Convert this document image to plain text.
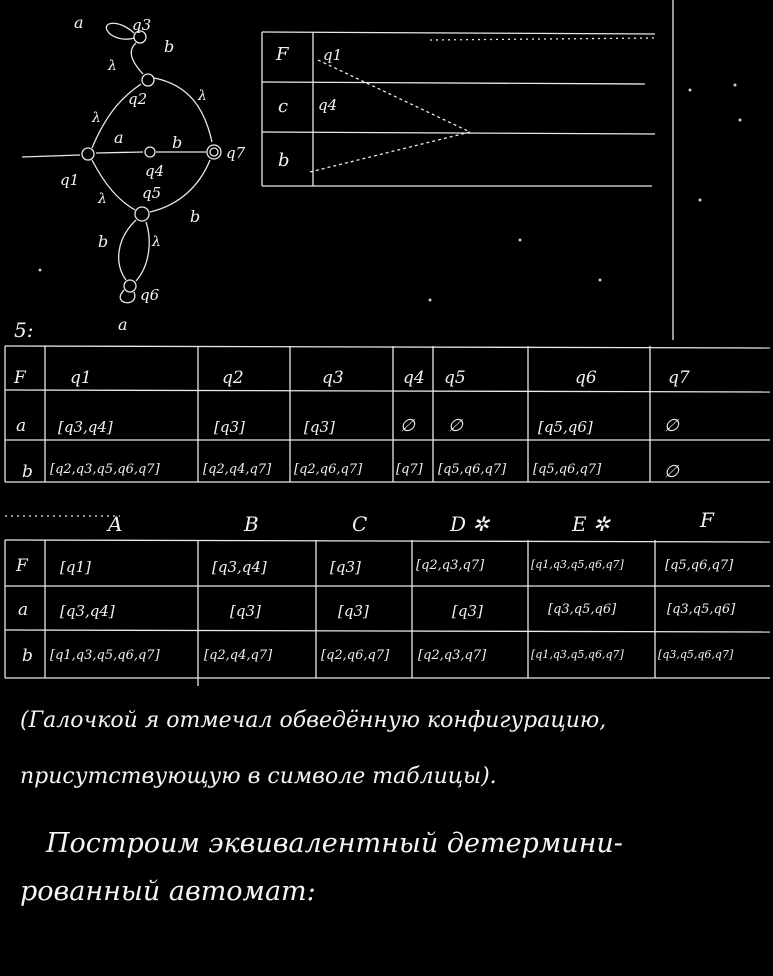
q3
q2
q1	q4
q7
q5
q6
a
b
λ
λ
λ
a	b
λ
b
b	λ
a
F q1
c q4
b
5:
F	q1	q2	q3	q4 q5	q6	q7
a [q3,q4]	[q3]	[q3]	∅ ∅	[q5,q6]	∅
b [q2,q3,q5,q6,q7]	[q2,q4,q7] [q2,q6,q7]	[q7] [q5,q6,q7] [q5,q6,q7]	∅
A	B	C	D ✲	E ✲	F
F [q1]	[q3,q4]	[q3]	[q2,q3,q7]	[q1,q3,q5,q6,q7]	[q5,q6,q7]
a [q3,q4]	[q3]	[q3]	[q3]	[q3,q5,q6]	[q3,q5,q6]
b [q1,q3,q5,q6,q7]	[q2,q4,q7]	[q2,q6,q7] [q2,q3,q7]	[q1,q3,q5,q6,q7]	[q3,q5,q6,q7]
(Галочкой я отмечал обведённую конфигурацию,
присутствующую в символе таблицы).
Построим эквивалентный детермини-
рованный автомат:
